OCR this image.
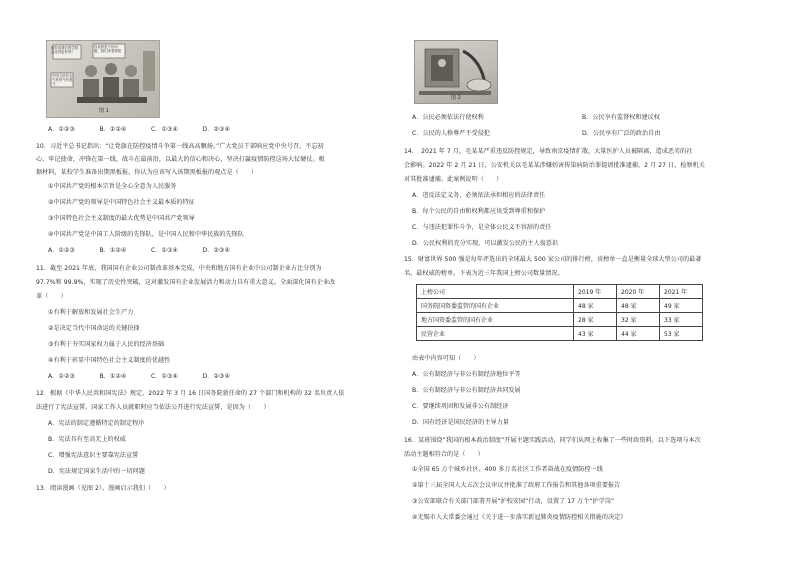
那你说我们的学校会变得更好吗？
你说的是个好问题，我们来看看吧
中国人民有志气有骨气有底气
图 1
A．①②③　　　　B．①②④　　　　C．①③④　　　　D．②③④
10．习近平总书记指出：“让党旗在防控疫情斗争第一线高高飘扬。”广大党员干部响应党中央号召，不忘初
心，牢记使命，冲锋在第一线，战斗在最前沿，以最大的信心和决心，坚决打赢疫情防控这场大仗硬仗。根
据材料，某校学生准备出期黑板报，你认为应该写入该期黑板报的观点是（　　）
①中国共产党的根本宗旨是全心全意为人民服务
②中国共产党的领导是中国特色社会主义最本质的特征
③中国特色社会主义制度的最大优势是中国共产党领导
④中国共产党是中国工人阶级的先锋队，是中国人民和中华民族的先锋队
A．①②③　　　　B．①②④　　　　C．①③④　　　　D．②③④
11．截至 2021 年底，我国国有企业公司制改革基本完成，中央和地方国有企业中公司制企业占比分别为
97.7%和 99.9%，实现了历史性突破，这对激发国有企业发展活力和动力具有重大意义。全面深化国有企业改
革（　　）
①有利于解放和发展社会生产力
②是决定当代中国命运的关键抉择
③有利于夯实国家权力属于人民的经济基础
④有利于彰显中国特色社会主义制度的优越性
A．①②③　　　　B．①②④　　　　C．①③④　　　　D．②③④
12．根据《中华人民共和国宪法》规定，2022 年 3 月 16 日国务院新任命的 27 个部门和机构的 32 名负责人依
法进行了宪法宣誓。国家工作人员就职时应当依法公开进行宪法宣誓，是因为（　　）
A．宪法的制定遵循特定的制定程序
B．宪法具有至高无上的权威
C．增强宪法意识主要靠宪法宣誓
D．宪法规定国家生活中的一切问题
13．阅读漫画（见图 2）。漫画启示我们（　　）
图 2
A．公民必须依法行使权利	B．公民享有监督权和建议权
C．公民的人格尊严不受侵犯	D．公民享有广泛的政治自由
14．　2021 年 7 月，毛某某严重违反防控规定，导致南京疫情扩散，大量医护人员被隔离，造成恶劣的社
会影响。2022 年 2 月 21 日，公安机关以毛某某涉嫌妨害传染病防治罪提请批准逮捕，2 月 27 日，检察机关
对其批准逮捕。此案例说明（　　）
A．违反法定义务，必须依法承担相应的法律责任
B．每个公民的自由和权利都应该受到尊重和保护
C．与违法犯罪作斗争，是全体公民义不容辞的责任
D．公民权利的充分实现，可以激发公民的主人翁意识
15．财富世界 500 强是每年评选出的全球最大 500 家公司的排行榜，该榜单一直是衡量全球大型公司的最著
名、最权威的榜单。下表为近三年我国上榜公司数量情况。
上榜公司	2019 年	2020 年	2021 年
国务院国资委监管的国有企业	48 家	48 家	49 家
地方国资委监管的国有企业	28 家	32 家	33 家
民营企业	43 家	44 家	53 家
由表中内容可知（　　）
A．公有制经济与非公有制经济地位平等
B．公有制经济与非公有制经济共同发展
C．要继续巩固和发展非公有制经济
D．国有经济是国民经济的主导力量
16．某班围绕“我国的根本政治制度”开展主题实践活动，同学们从网上收集了一些时政资料，以下选项与本次
活动主题相符合的是（　　）
①全国 65 万个城乡社区、400 多万名社区工作者奋战在疫情防控一线
②第十三届全国人大五次会议审议并批准了政府工作报告和其他各项重要报告
③公安部联合有关部门部署开展“护校安园”行动，设置了 17 万个“护学岗”
④无锡市人大常委会通过《关于进一步落实新冠肺炎疫情防控相关措施的决定》
